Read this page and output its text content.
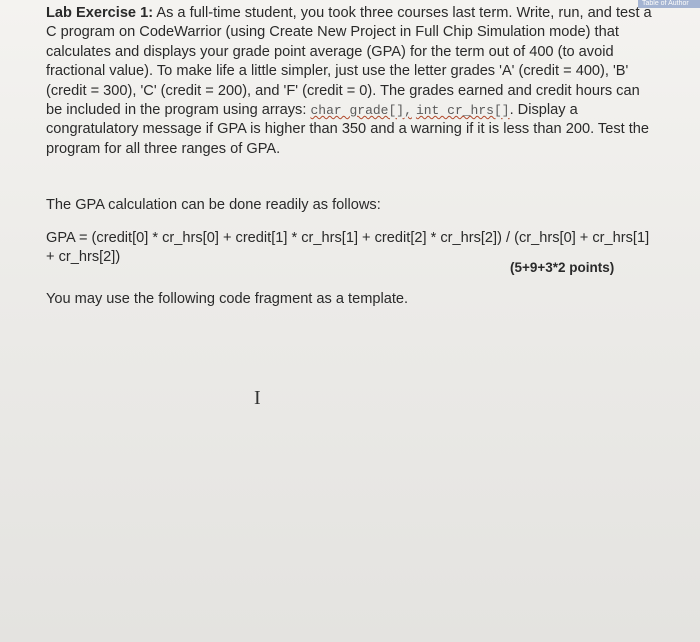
Table of Author

Lab Exercise 1: As a full-time student, you took three courses last term. Write, run, and test a C program on CodeWarrior (using Create New Project in Full Chip Simulation mode) that calculates and displays your grade point average (GPA) for the term out of 400 (to avoid fractional value). To make life a little simpler, just use the letter grades 'A' (credit = 400), 'B' (credit = 300), 'C' (credit = 200), and 'F' (credit = 0). The grades earned and credit hours can be included in the program using arrays: char grade[], int cr_hrs[]. Display a congratulatory message if GPA is higher than 350 and a warning if it is less than 200. Test the program for all three ranges of GPA.

The GPA calculation can be done readily as follows:

GPA = (credit[0] * cr_hrs[0] + credit[1] * cr_hrs[1] + credit[2] * cr_hrs[2]) / (cr_hrs[0] + cr_hrs[1]

+ cr_hrs[2])

(5+9+3*2 points)

You may use the following code fragment as a template.

I
